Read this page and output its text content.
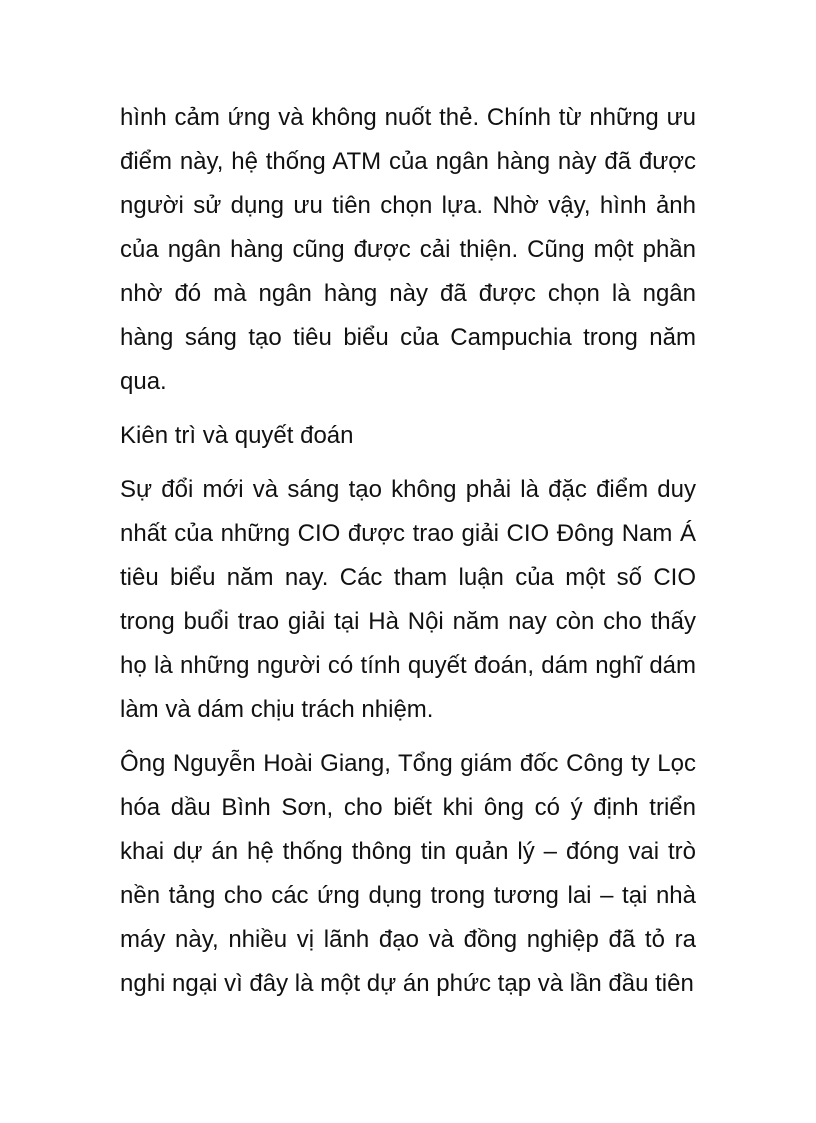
hình cảm ứng và không nuốt thẻ. Chính từ những ưu điểm này, hệ thống ATM của ngân hàng này đã được người sử dụng ưu tiên chọn lựa. Nhờ vậy, hình ảnh của ngân hàng cũng được cải thiện. Cũng một phần nhờ đó mà ngân hàng này đã được chọn là ngân hàng sáng tạo tiêu biểu của Campuchia trong năm qua.

Kiên trì và quyết đoán

Sự đổi mới và sáng tạo không phải là đặc điểm duy nhất của những CIO được trao giải CIO Đông Nam Á tiêu biểu năm nay. Các tham luận của một số CIO trong buổi trao giải tại Hà Nội năm nay còn cho thấy họ là những người có tính quyết đoán, dám nghĩ dám làm và dám chịu trách nhiệm.

Ông Nguyễn Hoài Giang, Tổng giám đốc Công ty Lọc hóa dầu Bình Sơn, cho biết khi ông có ý định triển khai dự án hệ thống thông tin quản lý – đóng vai trò nền tảng cho các ứng dụng trong tương lai – tại nhà máy này, nhiều vị lãnh đạo và đồng nghiệp đã tỏ ra nghi ngại vì đây là một dự án phức tạp và lần đầu tiên
